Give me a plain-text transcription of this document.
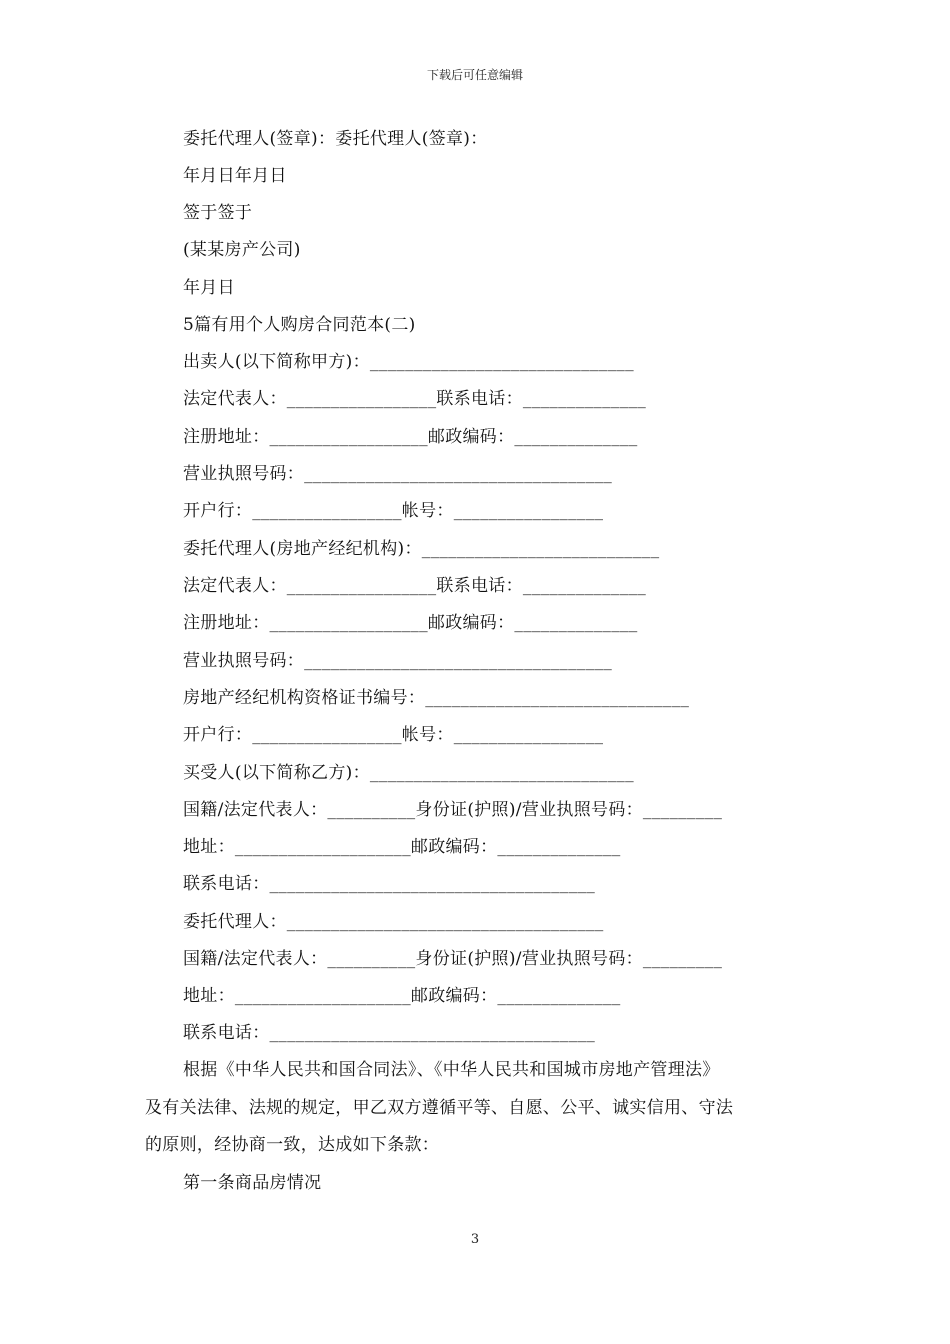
下载后可任意编辑
委托代理人(签章)：委托代理人(签章)：
年月日年月日
签于签于
(某某房产公司)
年月日
5篇有用个人购房合同范本(二)
出卖人(以下简称甲方)：______________________________
法定代表人：_________________联系电话：______________
注册地址：__________________邮政编码：______________
营业执照号码：___________________________________
开户行：_________________帐号：_________________
委托代理人(房地产经纪机构)：___________________________
法定代表人：_________________联系电话：______________
注册地址：__________________邮政编码：______________
营业执照号码：___________________________________
房地产经纪机构资格证书编号：______________________________
开户行：_________________帐号：_________________
买受人(以下简称乙方)：______________________________
国籍/法定代表人：__________身份证(护照)/营业执照号码：_________
地址：____________________邮政编码：______________
联系电话：_____________________________________
委托代理人：____________________________________
国籍/法定代表人：__________身份证(护照)/营业执照号码：_________
地址：____________________邮政编码：______________
联系电话：_____________________________________
根据《中华人民共和国合同法》、《中华人民共和国城市房地产管理法》
及有关法律、法规的规定，甲乙双方遵循平等、自愿、公平、诚实信用、守法
的原则，经协商一致，达成如下条款：
第一条商品房情况
3
